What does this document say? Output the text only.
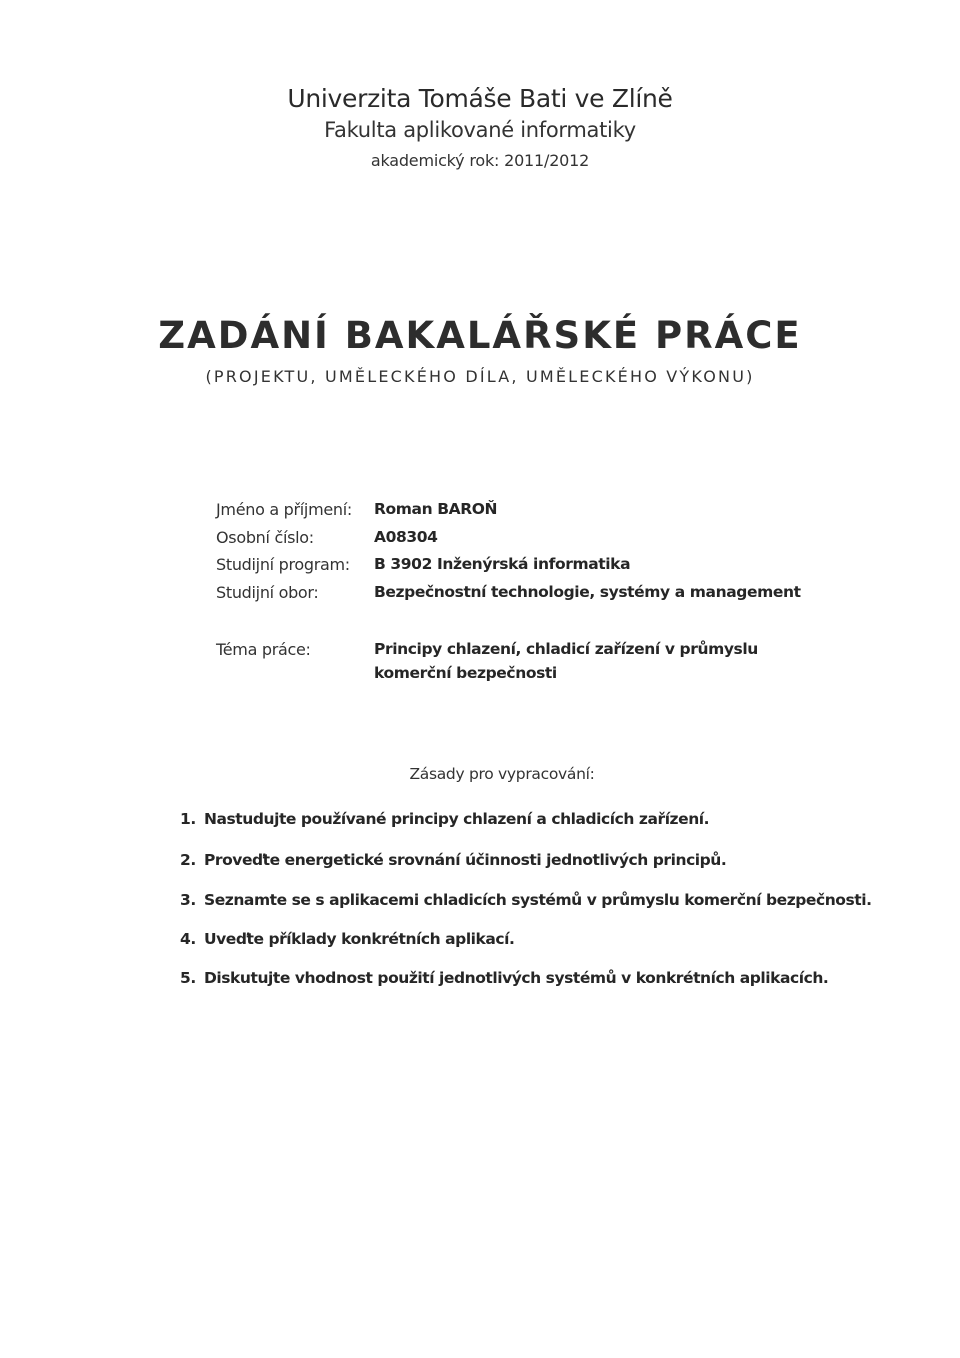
Univerzita Tomáše Bati ve Zlíně
Fakulta aplikované informatiky
akademický rok: 2011/2012
ZADÁNÍ BAKALÁŘSKÉ PRÁCE
(PROJEKTU, UMĚLECKÉHO DÍLA, UMĚLECKÉHO VÝKONU)
Jméno a příjmení: Roman BAROŇ
Osobní číslo:	A08304
Studijní program: B 3902 Inženýrská informatika
Studijní obor:	Bezpečnostní technologie, systémy a management
Téma práce:	Principy chlazení, chladicí zařízení v průmyslu
komerční bezpečnosti
Zásady pro vypracování:
1. Nastudujte používané principy chlazení a chladicích zařízení.
2. Proveďte energetické srovnání účinnosti jednotlivých principů.
3. Seznamte se s aplikacemi chladicích systémů v průmyslu komerční bezpečnosti.
4. Uveďte příklady konkrétních aplikací.
5. Diskutujte vhodnost použití jednotlivých systémů v konkrétních aplikacích.
